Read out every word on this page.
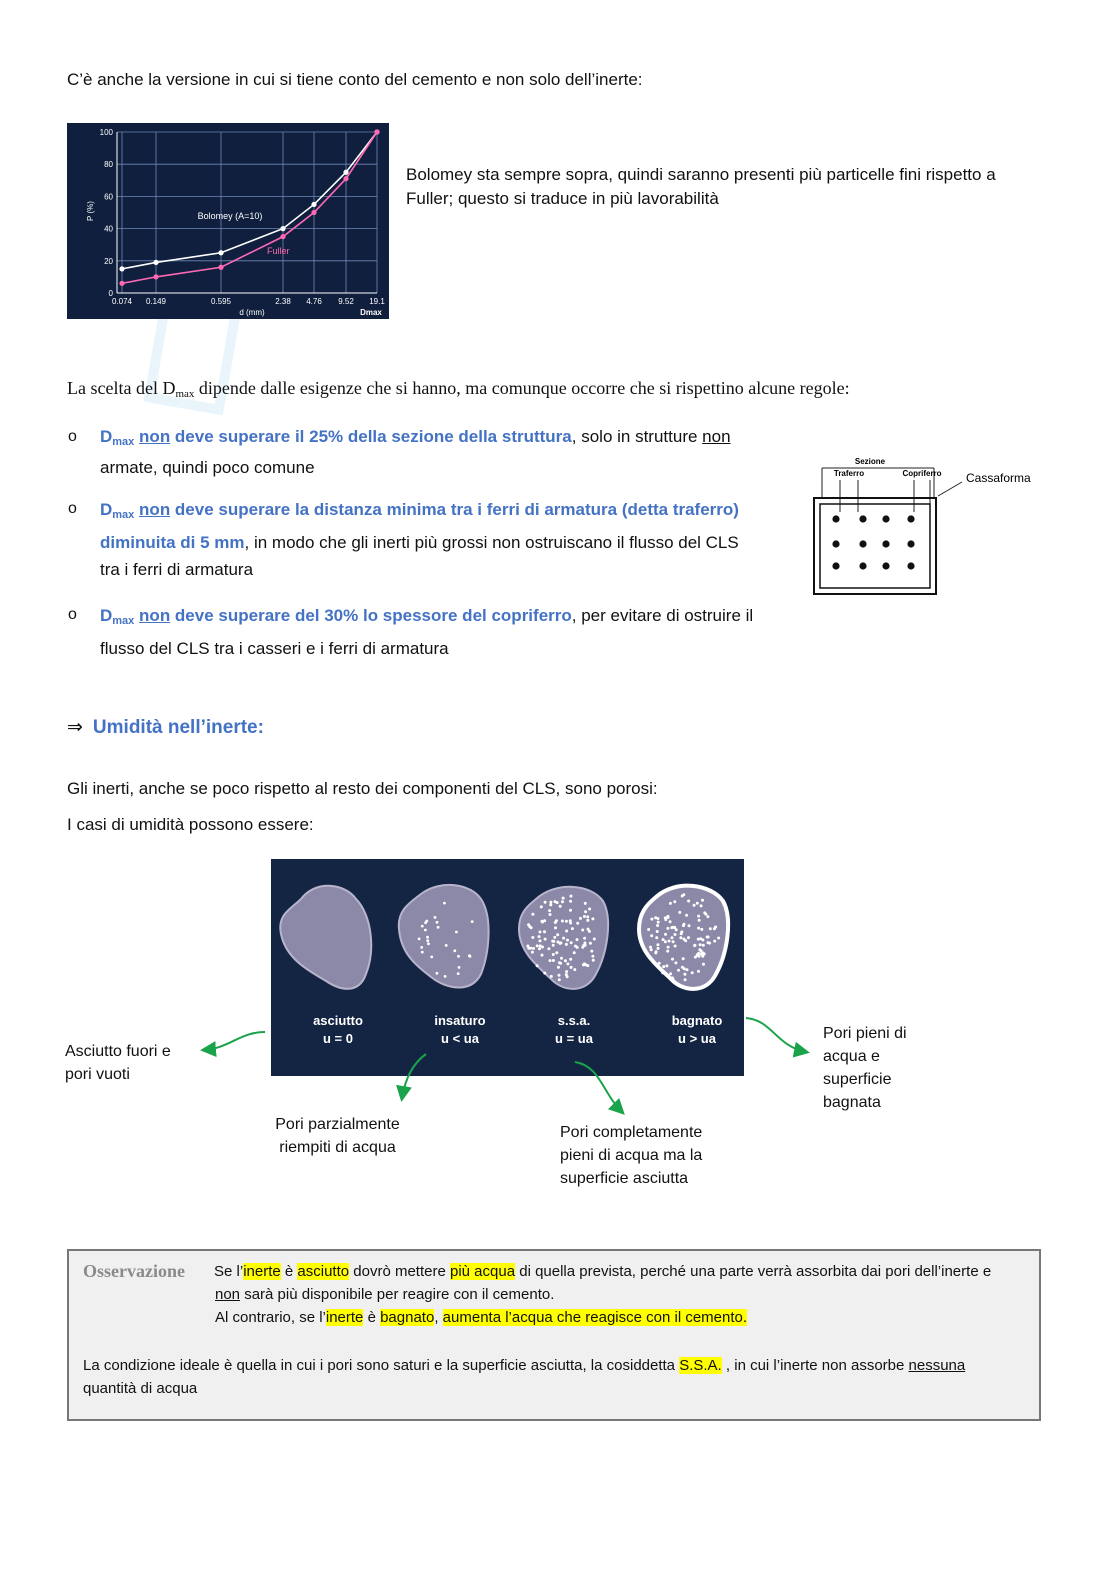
C’è anche la versione in cui si tiene conto del cemento e non solo dell’inerte:
0
20
40
60
80
100
0.074 0.149	0.595	2.38 4.76 9.52 19.1
Bolomey (A=10)
Fuller
d (mm)	Dmax
P (%)
Bolomey sta sempre sopra, quindi saranno presenti più particelle fini rispetto a Fuller; questo si traduce in più lavorabilità
La scelta del $D_{max}$ dipende dalle esigenze che si hanno, ma comunque occorre che si rispettino alcune regole:
o $D_{max}$ non deve superare il 25% della sezione della struttura, solo in strutture non
armate, quindi poco comune
o $D_{max}$ non deve superare la distanza minima tra i ferri di armatura (detta traferro)
diminuita di 5 mm, in modo che gli inerti più grossi non ostruiscano il flusso del CLS
tra i ferri di armatura
o $D_{max}$ non deve superare del 30% lo spessore del copriferro, per evitare di ostruire il
flusso del CLS tra i casseri e i ferri di armatura
Sezione
Traferro	Copriferro Cassaforma
⇒ Umidità nell’inerte:
Gli inerti, anche se poco rispetto al resto dei componenti del CLS, sono porosi:
I casi di umidità possono essere:
asciutto
u = 0
insaturo
u < ua
s.s.a.
u = ua
bagnato
u > ua
Asciutto fuori e
pori vuoti
Pori parzialmente
riempiti di acqua
Pori completamente
pieni di acqua ma la
superficie asciutta
Pori pieni di
acqua e
superficie
bagnata
Osservazione Se l’inerte è asciutto dovrò mettere più acqua di quella prevista, perché una parte verrà assorbita dai pori dell’inerte e
non sarà più disponibile per reagire con il cemento.
Al contrario, se l’inerte è bagnato, aumenta l’acqua che reagisce con il cemento.
La condizione ideale è quella in cui i pori sono saturi e la superficie asciutta, la cosiddetta S.S.A. , in cui l’inerte non assorbe nessuna
quantità di acqua
